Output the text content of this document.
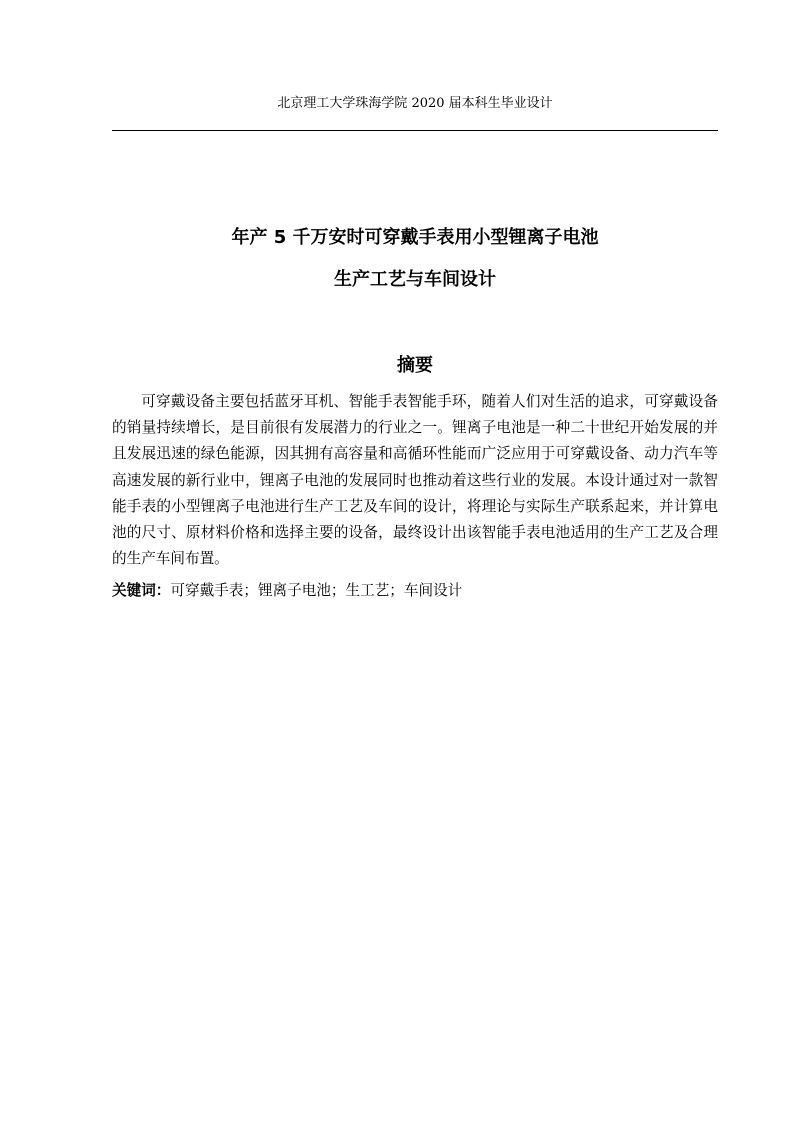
北京理工大学珠海学院 2020 届本科生毕业设计
年产 5 千万安时可穿戴手表用小型锂离子电池
生产工艺与车间设计
摘要

可穿戴设备主要包括蓝牙耳机、智能手表智能手环，随着人们对生活的追求，可穿戴设备的销量持续增长，是目前很有发展潜力的行业之一。锂离子电池是一种二十世纪开始发展的并且发展迅速的绿色能源，因其拥有高容量和高循环性能而广泛应用于可穿戴设备、动力汽车等高速发展的新行业中，锂离子电池的发展同时也推动着这些行业的发展。本设计通过对一款智能手表的小型锂离子电池进行生产工艺及车间的设计，将理论与实际生产联系起来，并计算电池的尺寸、原材料价格和选择主要的设备，最终设计出该智能手表电池适用的生产工艺及合理的生产车间布置。

关键词：可穿戴手表；锂离子电池；生工艺；车间设计
